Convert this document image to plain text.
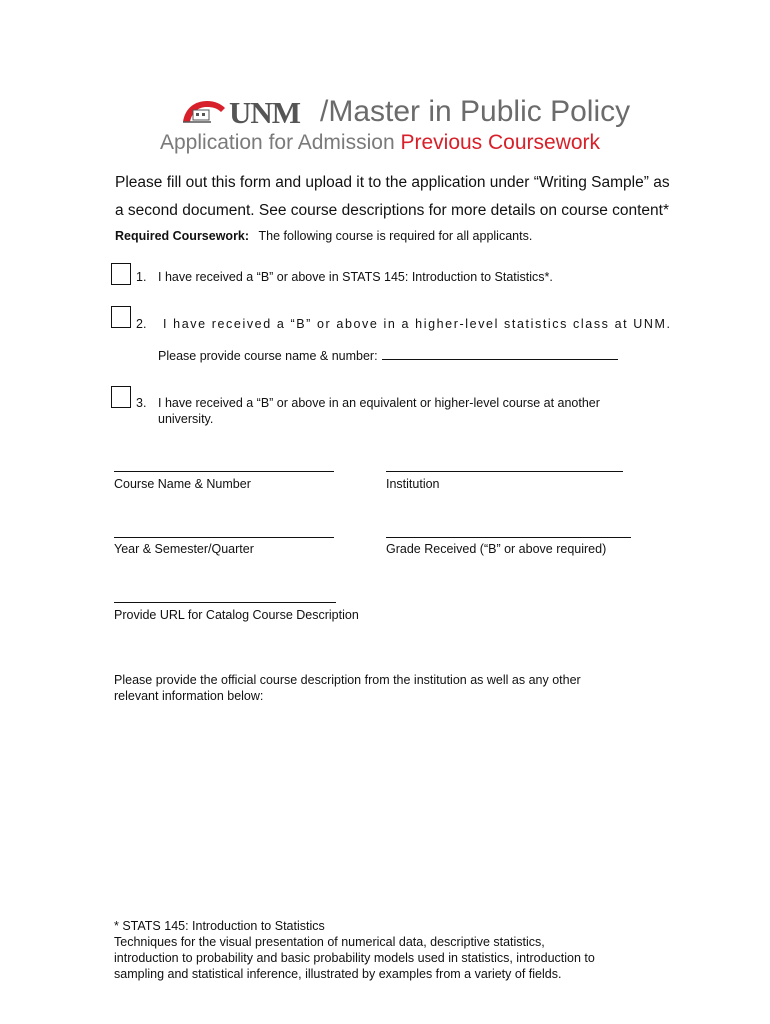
UNM /Master in Public Policy
Application for Admission Previous Coursework
Please fill out this form and upload it to the application under “Writing Sample” as
a second document. See course descriptions for more details on course content*
Required Coursework: The following course is required for all applicants.
1. I have received a “B” or above in STATS 145: Introduction to Statistics*.
2. I have received a “B” or above in a higher-level statistics class at UNM.
Please provide course name & number:
3. I have received a “B” or above in an equivalent or higher-level course at another
university.
Course Name & Number	Institution
Year & Semester/Quarter	Grade Received (“B” or above required)
Provide URL for Catalog Course Description
Please provide the official course description from the institution as well as any other
relevant information below:
* STATS 145: Introduction to Statistics
Techniques for the visual presentation of numerical data, descriptive statistics,
introduction to probability and basic probability models used in statistics, introduction to
sampling and statistical inference, illustrated by examples from a variety of fields.
